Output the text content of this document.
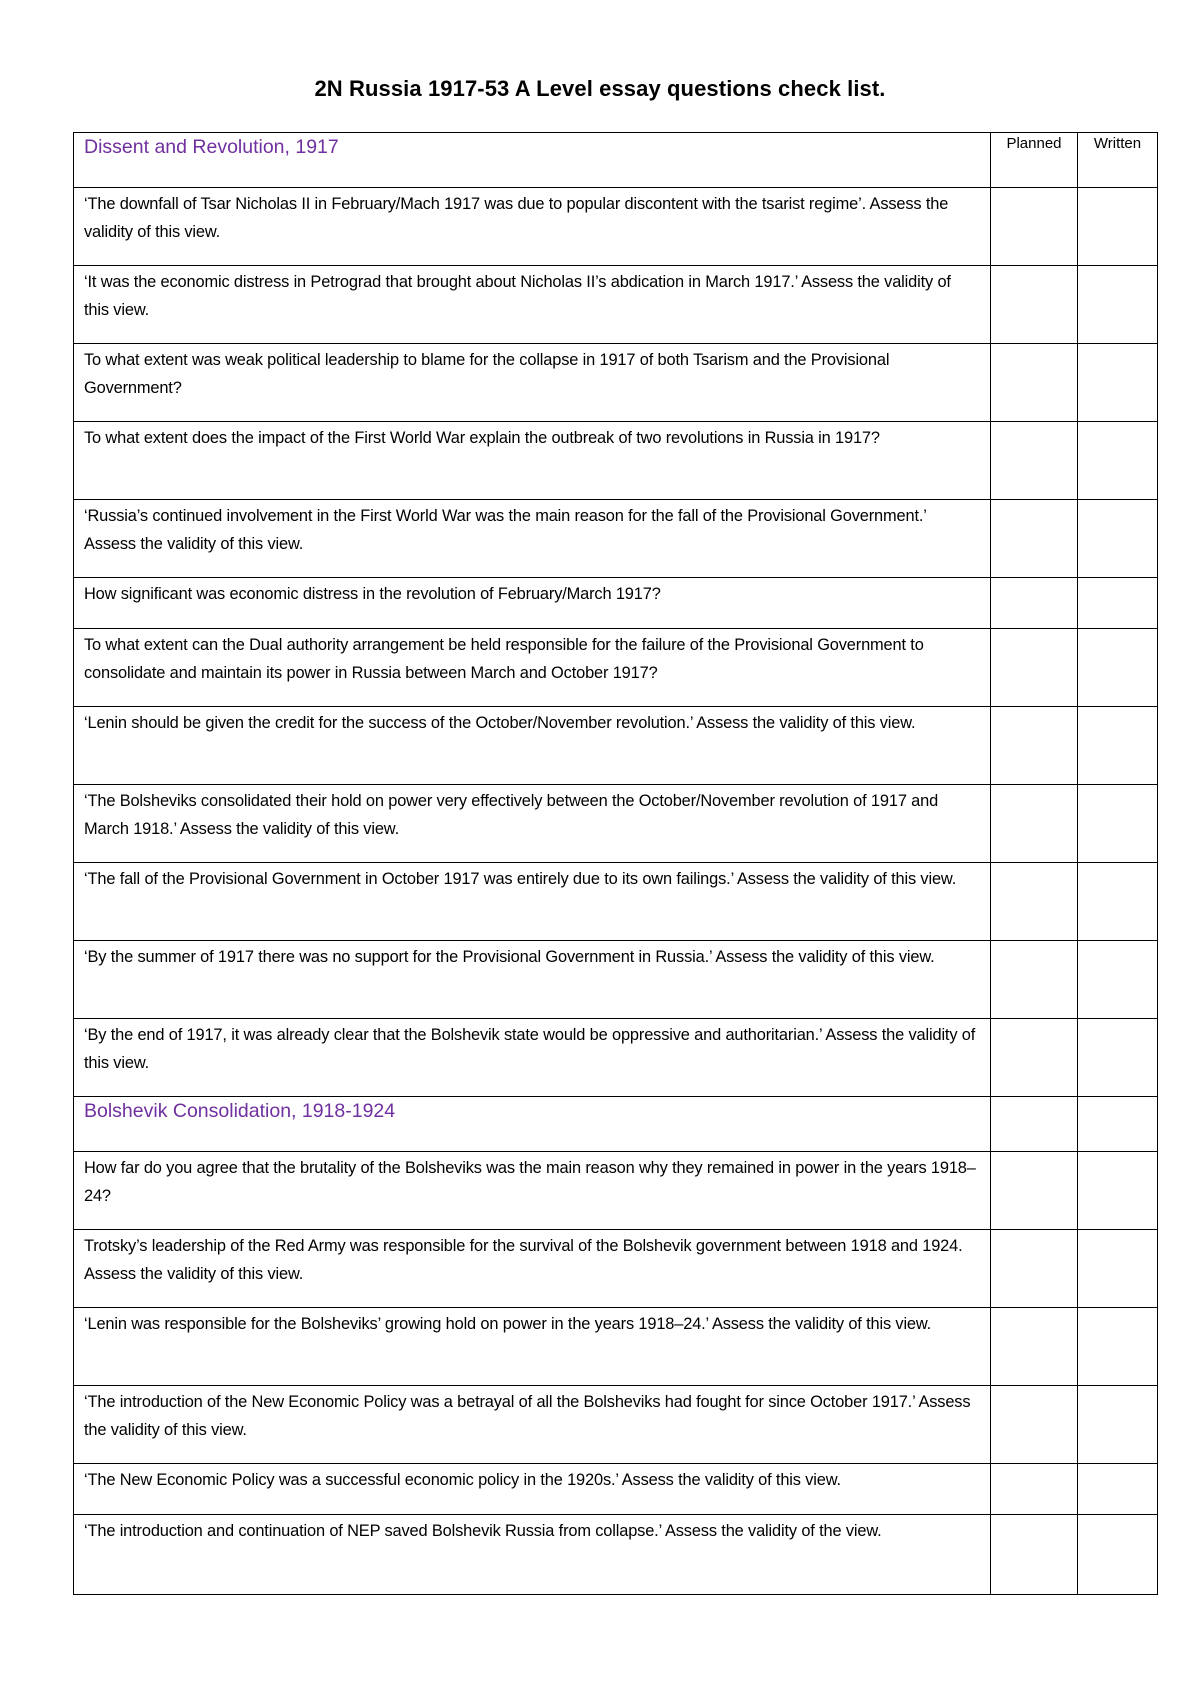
2N Russia 1917-53 A Level essay questions check list.
Dissent and Revolution, 1917	Planned	Written
‘The downfall of Tsar Nicholas II in February/Mach 1917 was due to popular discontent with the tsarist regime’. Assess the validity of this view.		
‘It was the economic distress in Petrograd that brought about Nicholas II’s abdication in March 1917.’ Assess the validity of this view.		
To what extent was weak political leadership to blame for the collapse in 1917 of both Tsarism and the Provisional Government?		
To what extent does the impact of the First World War explain the outbreak of two revolutions in Russia in 1917?		
‘Russia’s continued involvement in the First World War was the main reason for the fall of the Provisional Government.’ Assess the validity of this view.		
How significant was economic distress in the revolution of February/March 1917?		
To what extent can the Dual authority arrangement be held responsible for the failure of the Provisional Government to consolidate and maintain its power in Russia between March and October 1917?		
‘Lenin should be given the credit for the success of the October/November revolution.’ Assess the validity of this view.		
‘The Bolsheviks consolidated their hold on power very effectively between the October/November revolution of 1917 and March 1918.’ Assess the validity of this view.		
‘The fall of the Provisional Government in October 1917 was entirely due to its own failings.’ Assess the validity of this view.		
‘By the summer of 1917 there was no support for the Provisional Government in Russia.’ Assess the validity of this view.		
‘By the end of 1917, it was already clear that the Bolshevik state would be oppressive and authoritarian.’ Assess the validity of this view.		
Bolshevik Consolidation, 1918-1924		
How far do you agree that the brutality of the Bolsheviks was the main reason why they remained in power in the years 1918–24?		
Trotsky’s leadership of the Red Army was responsible for the survival of the Bolshevik government between 1918 and 1924. Assess the validity of this view.		
‘Lenin was responsible for the Bolsheviks’ growing hold on power in the years 1918–24.’ Assess the validity of this view.		
‘The introduction of the New Economic Policy was a betrayal of all the Bolsheviks had fought for since October 1917.’ Assess the validity of this view.		
‘The New Economic Policy was a successful economic policy in the 1920s.’ Assess the validity of this view.		
‘The introduction and continuation of NEP saved Bolshevik Russia from collapse.’ Assess the validity of the view.		
